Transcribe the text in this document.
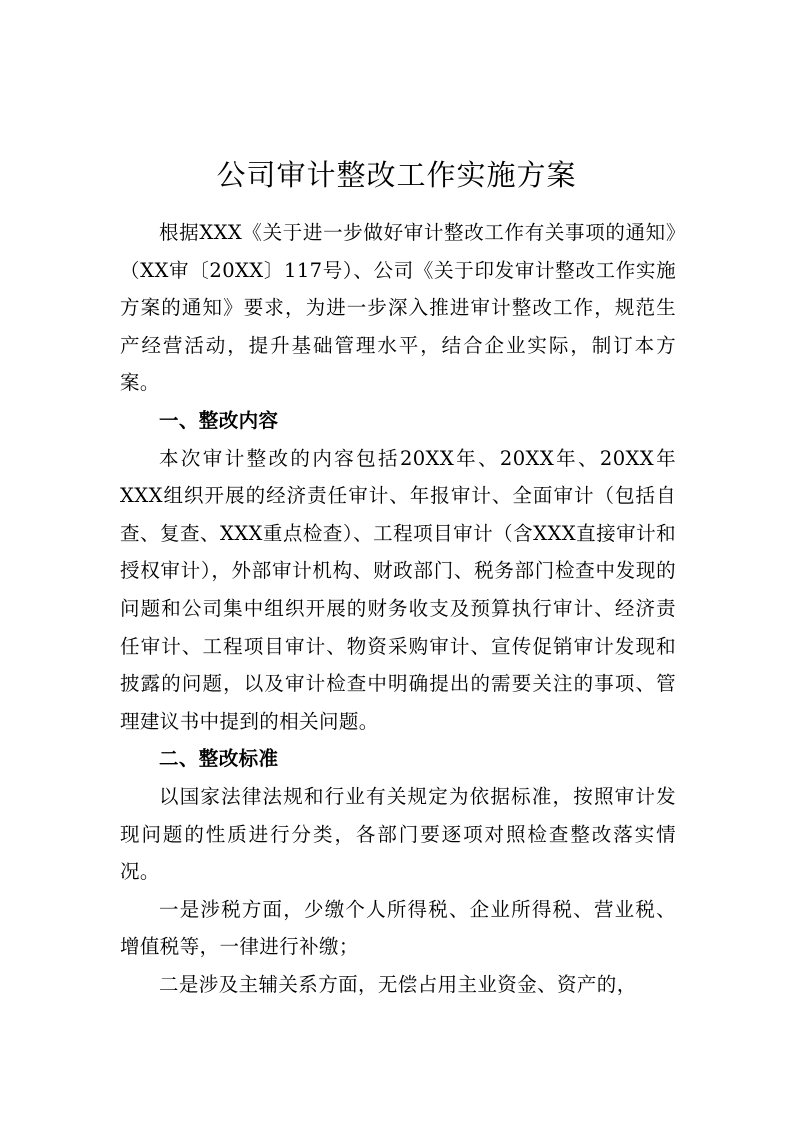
公司审计整改工作实施方案

根据XXX《关于进一步做好审计整改工作有关事项的通知》（XX审〔20XX〕117号）、公司《关于印发审计整改工作实施方案的通知》要求，为进一步深入推进审计整改工作，规范生产经营活动，提升基础管理水平，结合企业实际，制订本方案。

一、整改内容

本次审计整改的内容包括20XX年、20XX年、20XX年XXX组织开展的经济责任审计、年报审计、全面审计（包括自查、复查、XXX重点检查）、工程项目审计（含XXX直接审计和授权审计），外部审计机构、财政部门、税务部门检查中发现的问题和公司集中组织开展的财务收支及预算执行审计、经济责任审计、工程项目审计、物资采购审计、宣传促销审计发现和披露的问题，以及审计检查中明确提出的需要关注的事项、管理建议书中提到的相关问题。

二、整改标准

以国家法律法规和行业有关规定为依据标准，按照审计发现问题的性质进行分类，各部门要逐项对照检查整改落实情况。

一是涉税方面，少缴个人所得税、企业所得税、营业税、增值税等，一律进行补缴；

二是涉及主辅关系方面，无偿占用主业资金、资产的，
